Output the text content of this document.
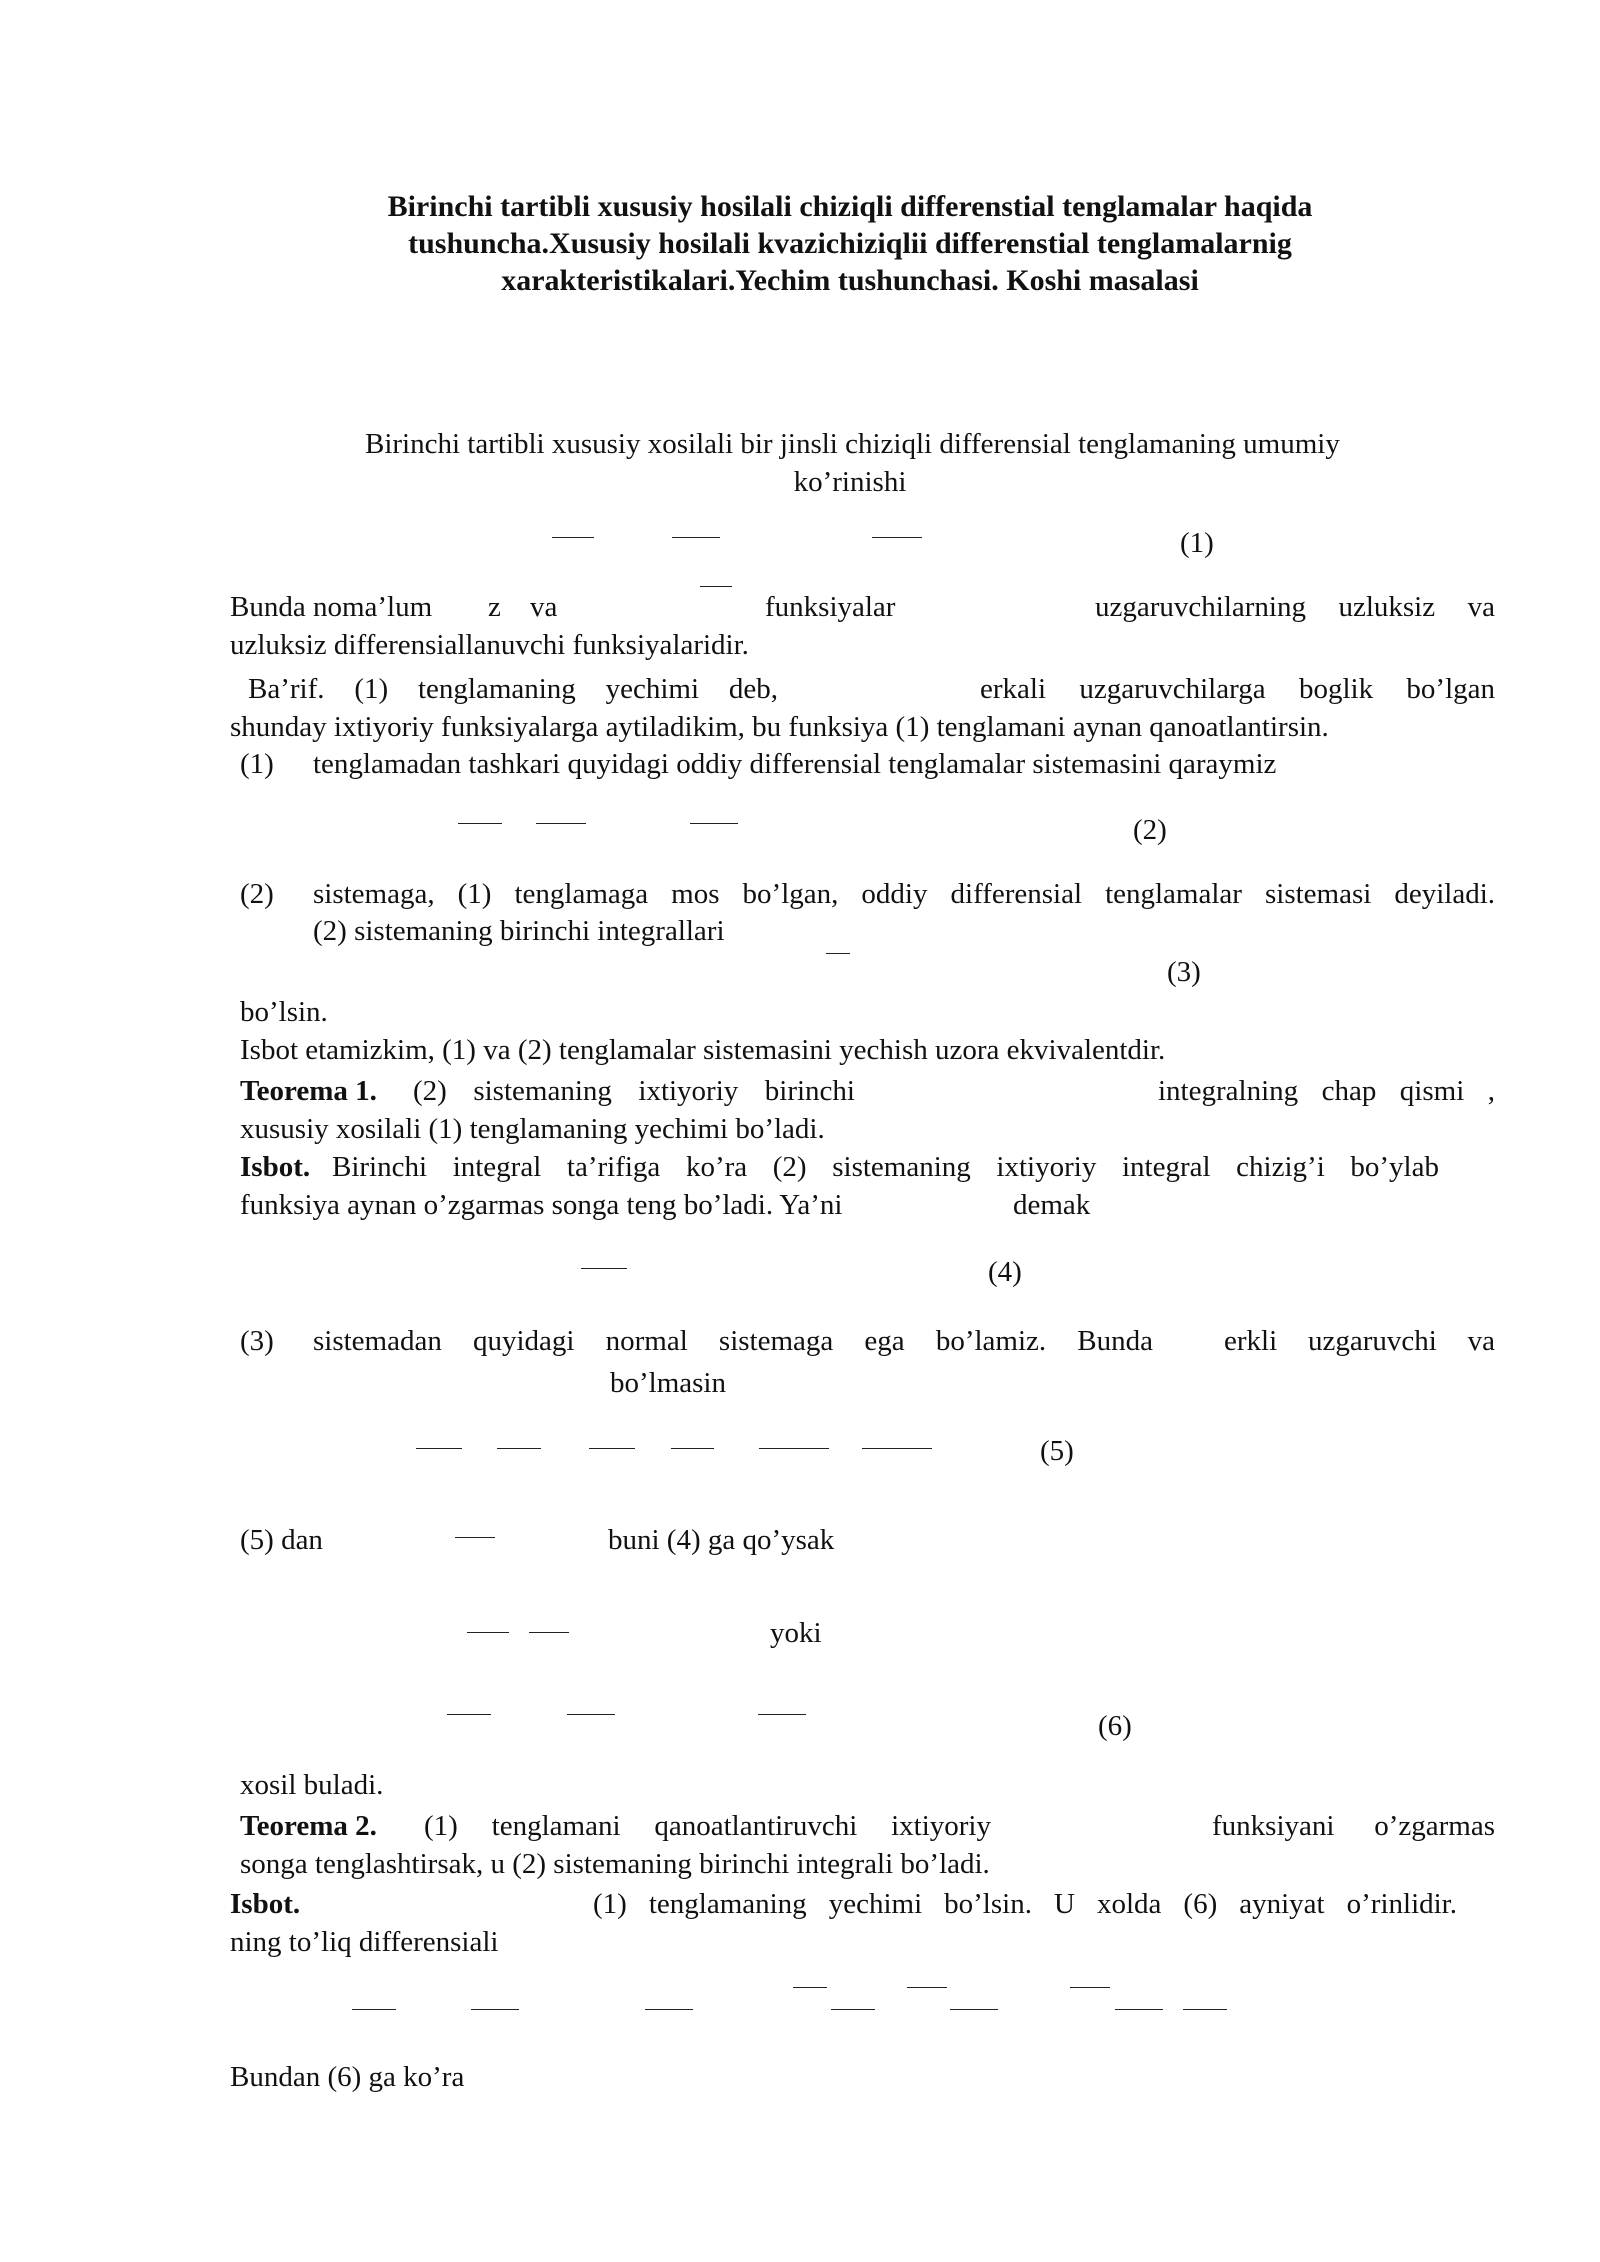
Birinchi tartibli xususiy hosilali chiziqli differenstial tenglamalar haqida
tushuncha.Xususiy hosilali kvazichiziqlii differenstial tenglamalarnig
xarakteristikalari.Yechim tushunchasi. Koshi masalasi
Birinchi tartibli xususiy xosilali bir jinsli chiziqli differensial tenglamaning umumiy
ko’rinishi
(1)
Bunda noma’lum z va	funksiyalar	uzgaruvchilarning uzluksiz va
uzluksiz differensiallanuvchi funksiyalaridir.
Ba’rif. (1) tenglamaning yechimi deb,	erkali uzgaruvchilarga boglik bo’lgan
shunday ixtiyoriy funksiyalarga aytiladikim, bu funksiya (1) tenglamani aynan qanoatlantirsin.
(1) tenglamadan tashkari quyidagi oddiy differensial tenglamalar sistemasini qaraymiz
(2)
(2) sistemaga, (1) tenglamaga mos bo’lgan, oddiy differensial tenglamalar sistemasi deyiladi.
(2) sistemaning birinchi integrallari
(3)
bo’lsin.
Isbot etamizkim, (1) va (2) tenglamalar sistemasini yechish uzora ekvivalentdir.
Teorema 1. (2) sistemaning ixtiyoriy birinchi	integralning chap qismi ,
xususiy xosilali (1) tenglamaning yechimi bo’ladi.
Isbot. Birinchi integral ta’rifiga ko’ra (2) sistemaning ixtiyoriy integral chizig’i bo’ylab
funksiya aynan o’zgarmas songa teng bo’ladi. Ya’ni	demak
(4)
(3) sistemadan quyidagi normal sistemaga ega bo’lamiz. Bunda erkli uzgaruvchi va
bo’lmasin
(5)
(5) dan	buni (4) ga qo’ysak
yoki
(6)
xosil buladi.
Teorema 2. (1) tenglamani qanoatlantiruvchi ixtiyoriy	funksiyani o’zgarmas
songa tenglashtirsak, u (2) sistemaning birinchi integrali bo’ladi.
Isbot.	(1) tenglamaning yechimi bo’lsin. U xolda (6) ayniyat o’rinlidir.
ning to’liq differensiali
Bundan (6) ga ko’ra
